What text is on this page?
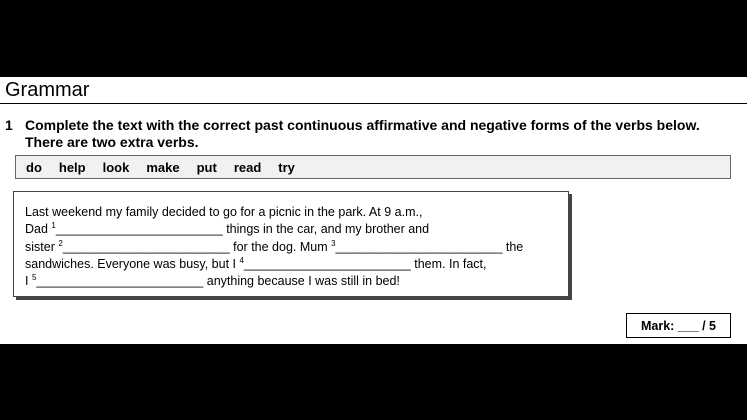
Grammar
1 Complete the text with the correct past continuous affirmative and negative forms of the verbs below.
There are two extra verbs.
do help look make put read try
Last weekend my family decided to go for a picnic in the park. At 9 a.m.,
Dad $^1$________________________ things in the car, and my brother and
sister $^2$________________________ for the dog. Mum $^3$________________________ the
sandwiches. Everyone was busy, but I $^4$________________________ them. In fact,
I $^5$________________________ anything because I was still in bed!
Mark: ___ / 5
